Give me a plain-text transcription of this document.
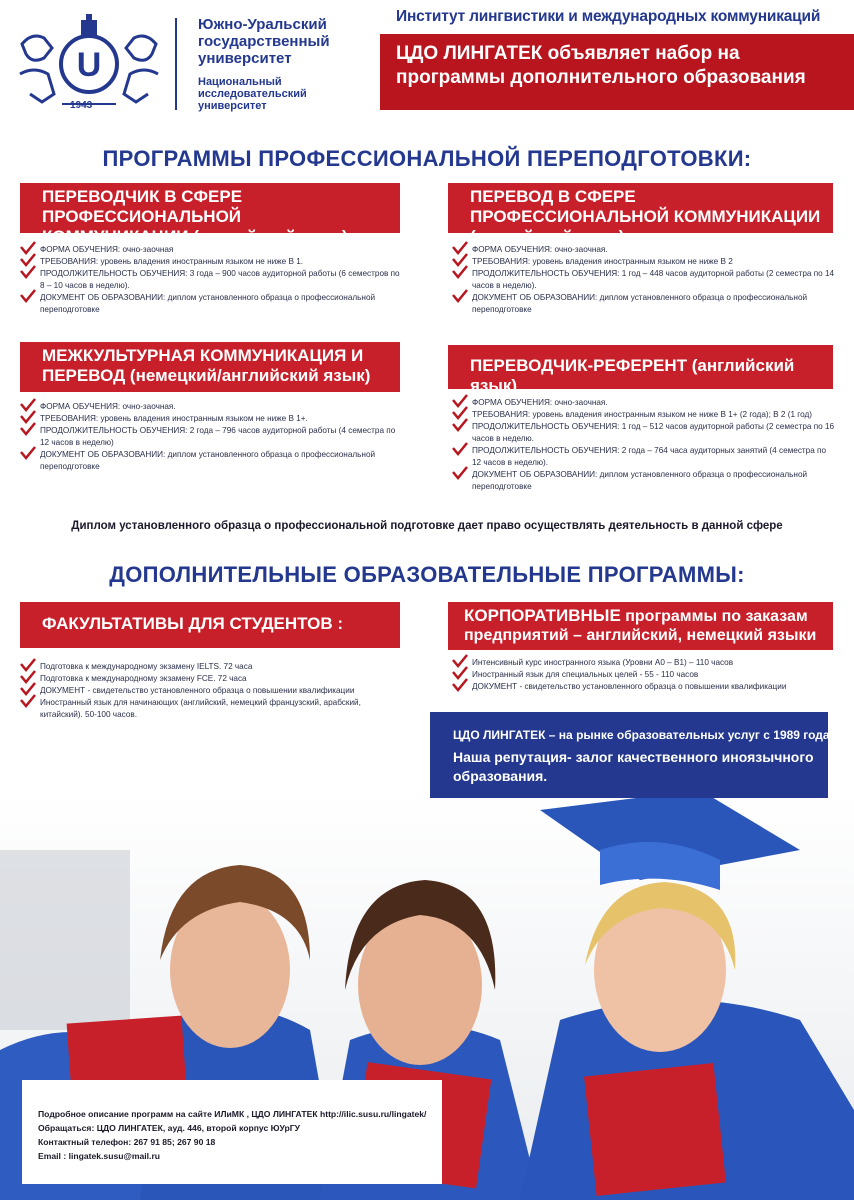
U
1943
Южно-Уральский государственный университет
Национальный исследовательский университет
Институт лингвистики и международных коммуникаций
ЦДО ЛИНГАТЕК объявляет набор на программы дополнительного образования
ПРОГРАММЫ ПРОФЕССИОНАЛЬНОЙ ПЕРЕПОДГОТОВКИ:
ПЕРЕВОДЧИК В СФЕРЕ ПРОФЕССИОНАЛЬНОЙ КОММУНИКАЦИИ (английский язык)

ФОРМА ОБУЧЕНИЯ: очно-заочная

ТРЕБОВАНИЯ: уровень владения иностранным языком не ниже В 1.

ПРОДОЛЖИТЕЛЬНОСТЬ ОБУЧЕНИЯ: 3 года – 900 часов аудиторной работы (6 семестров по 8 – 10 часов в неделю).

ДОКУМЕНТ ОБ ОБРАЗОВАНИИ: диплом установленного образца о профессиональной переподготовке

ПЕРЕВОД В СФЕРЕ ПРОФЕССИОНАЛЬНОЙ КОММУНИКАЦИИ (английский язык)

ФОРМА ОБУЧЕНИЯ: очно-заочная.

ТРЕБОВАНИЯ: уровень владения иностранным языком не ниже В 2

ПРОДОЛЖИТЕЛЬНОСТЬ ОБУЧЕНИЯ: 1 год – 448 часов аудиторной работы (2 семестра по 14 часов в неделю).

ДОКУМЕНТ ОБ ОБРАЗОВАНИИ: диплом установленного образца о профессиональной переподготовке

МЕЖКУЛЬТУРНАЯ КОММУНИКАЦИЯ И ПЕРЕВОД (немецкий/английский язык)

ФОРМА ОБУЧЕНИЯ: очно-заочная.

ТРЕБОВАНИЯ: уровень владения иностранным языком не ниже В 1+.

ПРОДОЛЖИТЕЛЬНОСТЬ ОБУЧЕНИЯ: 2 года – 796 часов аудиторной работы (4 семестра по 12 часов в неделю)

ДОКУМЕНТ ОБ ОБРАЗОВАНИИ: диплом установленного образца о профессиональной переподготовке

ПЕРЕВОДЧИК-РЕФЕРЕНТ (английский язык)

ФОРМА ОБУЧЕНИЯ: очно-заочная.

ТРЕБОВАНИЯ: уровень владения иностранным языком не ниже В 1+ (2 года); В 2 (1 год)

ПРОДОЛЖИТЕЛЬНОСТЬ ОБУЧЕНИЯ: 1 год – 512 часов аудиторной работы (2 семестра по 16 часов в неделю.

ПРОДОЛЖИТЕЛЬНОСТЬ ОБУЧЕНИЯ: 2 года – 764 часа аудиторных занятий (4 семестра по 12 часов в неделю).

ДОКУМЕНТ ОБ ОБРАЗОВАНИИ: диплом установленного образца о профессиональной переподготовке

Диплом установленного образца о профессиональной подготовке дает право осуществлять деятельность в данной сфере
ДОПОЛНИТЕЛЬНЫЕ ОБРАЗОВАТЕЛЬНЫЕ ПРОГРАММЫ:
ФАКУЛЬТАТИВЫ ДЛЯ СТУДЕНТОВ :

Подготовка к международному экзамену IELTS. 72 часа

Подготовка к международному экзамену FCE. 72 часа

ДОКУМЕНТ - свидетельство установленного образца о повышении квалификации

Иностранный язык для начинающих (английский, немецкий французский, арабский, китайский). 50-100 часов.

КОРПОРАТИВНЫЕ программы по заказам предприятий – английский, немецкий языки

Интенсивный курс иностранного языка (Уровни А0 – В1) – 110 часов

Иностранный язык для специальных целей - 55 - 110 часов

ДОКУМЕНТ - свидетельство установленного образца о повышении квалификации

ЦДО ЛИНГАТЕК – на рынке образовательных услуг с 1989 года.
Наша репутация- залог качественного иноязычного образования.
Подробное описание программ на сайте ИЛиМК , ЦДО ЛИНГАТЕК http://ilic.susu.ru/lingatek/
Обращаться: ЦДО ЛИНГАТЕК, ауд. 446, второй корпус ЮУрГУ
Контактный телефон: 267 91 85; 267 90 18
Email : lingatek.susu@mail.ru
